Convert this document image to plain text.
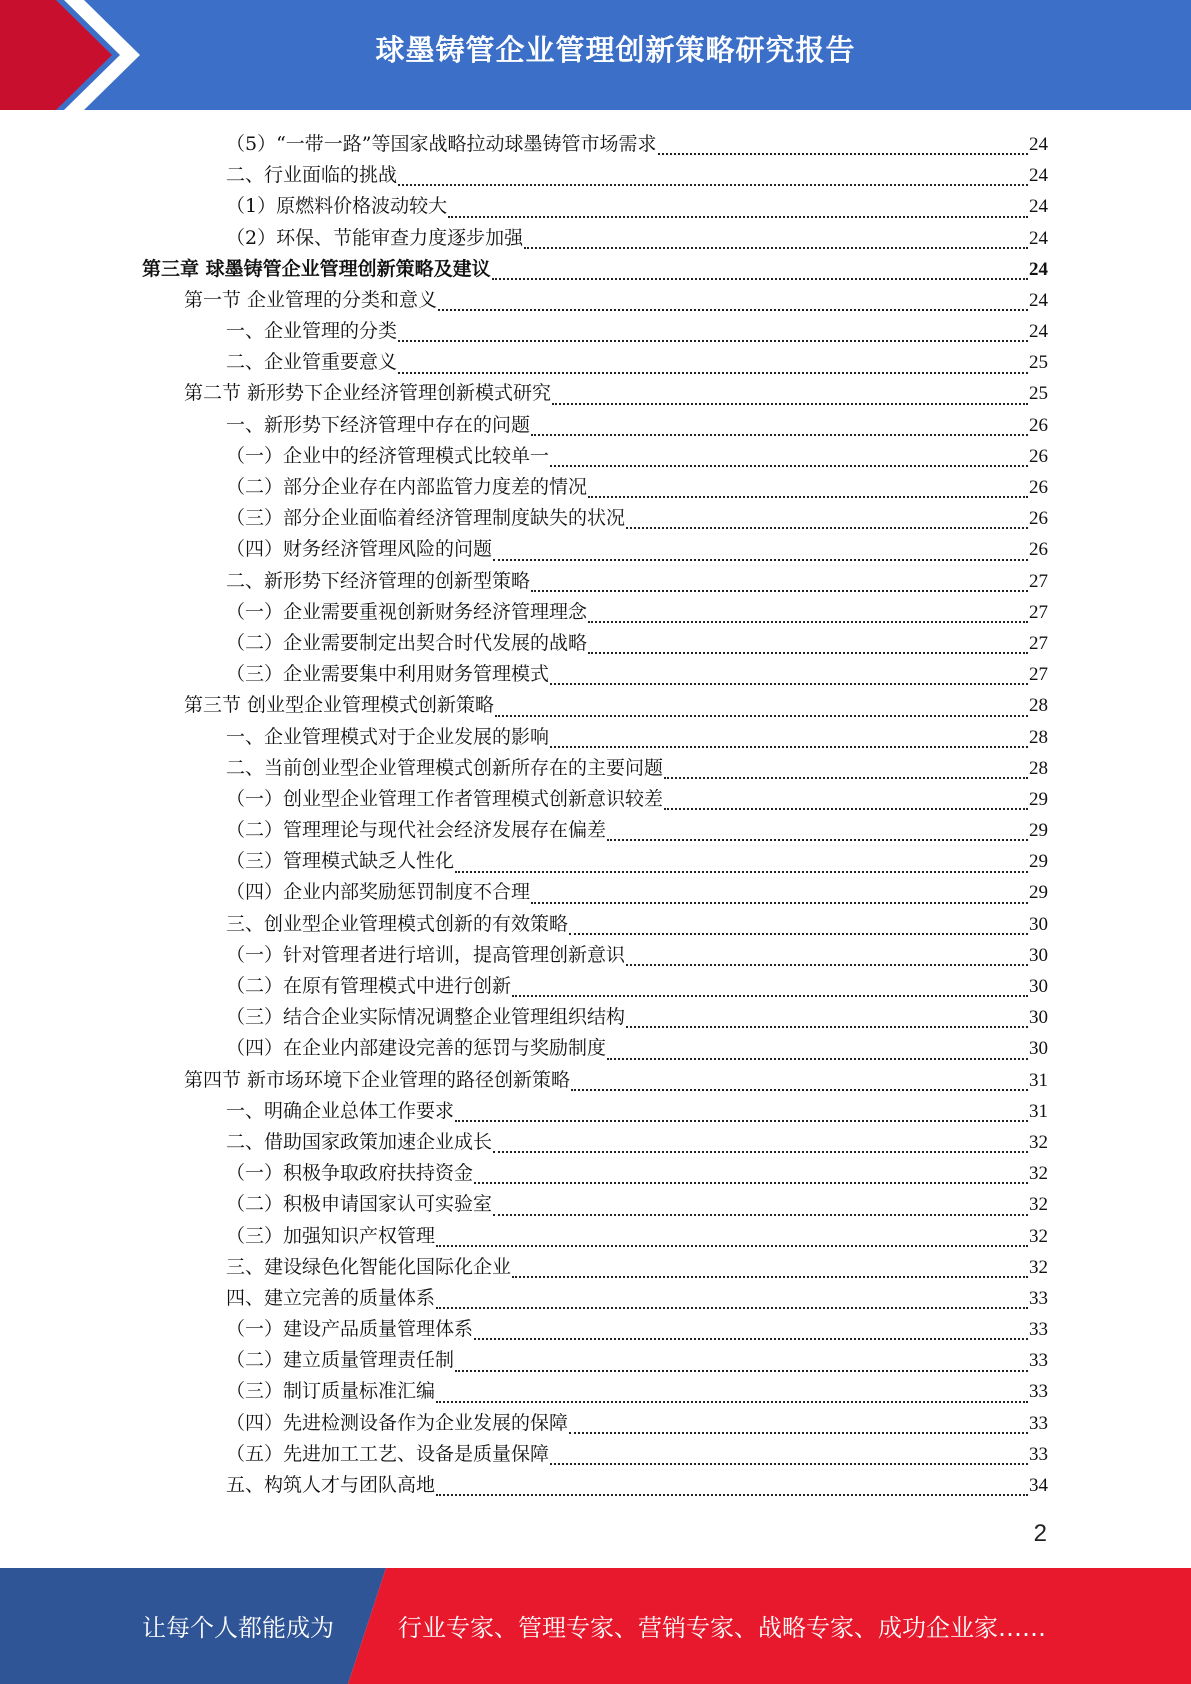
球墨铸管企业管理创新策略研究报告
（5）“一带一路”等国家战略拉动球墨铸管市场需求	24
二、行业面临的挑战	24
（1）原燃料价格波动较大	24
（2）环保、节能审查力度逐步加强	24
第三章 球墨铸管企业管理创新策略及建议	24
第一节 企业管理的分类和意义	24
一、企业管理的分类	24
二、企业管重要意义	25
第二节 新形势下企业经济管理创新模式研究	25
一、新形势下经济管理中存在的问题	26
（一）企业中的经济管理模式比较单一	26
（二）部分企业存在内部监管力度差的情况	26
（三）部分企业面临着经济管理制度缺失的状况	26
（四）财务经济管理风险的问题	26
二、新形势下经济管理的创新型策略	27
（一）企业需要重视创新财务经济管理理念	27
（二）企业需要制定出契合时代发展的战略	27
（三）企业需要集中利用财务管理模式	27
第三节 创业型企业管理模式创新策略	28
一、企业管理模式对于企业发展的影响	28
二、当前创业型企业管理模式创新所存在的主要问题	28
（一）创业型企业管理工作者管理模式创新意识较差	29
（二）管理理论与现代社会经济发展存在偏差	29
（三）管理模式缺乏人性化	29
（四）企业内部奖励惩罚制度不合理	29
三、创业型企业管理模式创新的有效策略	30
（一）针对管理者进行培训，提高管理创新意识	30
（二）在原有管理模式中进行创新	30
（三）结合企业实际情况调整企业管理组织结构	30
（四）在企业内部建设完善的惩罚与奖励制度	30
第四节 新市场环境下企业管理的路径创新策略	31
一、明确企业总体工作要求	31
二、借助国家政策加速企业成长	32
（一）积极争取政府扶持资金	32
（二）积极申请国家认可实验室	32
（三）加强知识产权管理	32
三、建设绿色化智能化国际化企业	32
四、建立完善的质量体系	33
（一）建设产品质量管理体系	33
（二）建立质量管理责任制	33
（三）制订质量标准汇编	33
（四）先进检测设备作为企业发展的保障	33
（五）先进加工工艺、设备是质量保障	33
五、构筑人才与团队高地	34
2
让每个人都能成为	行业专家、管理专家、营销专家、战略专家、成功企业家……
